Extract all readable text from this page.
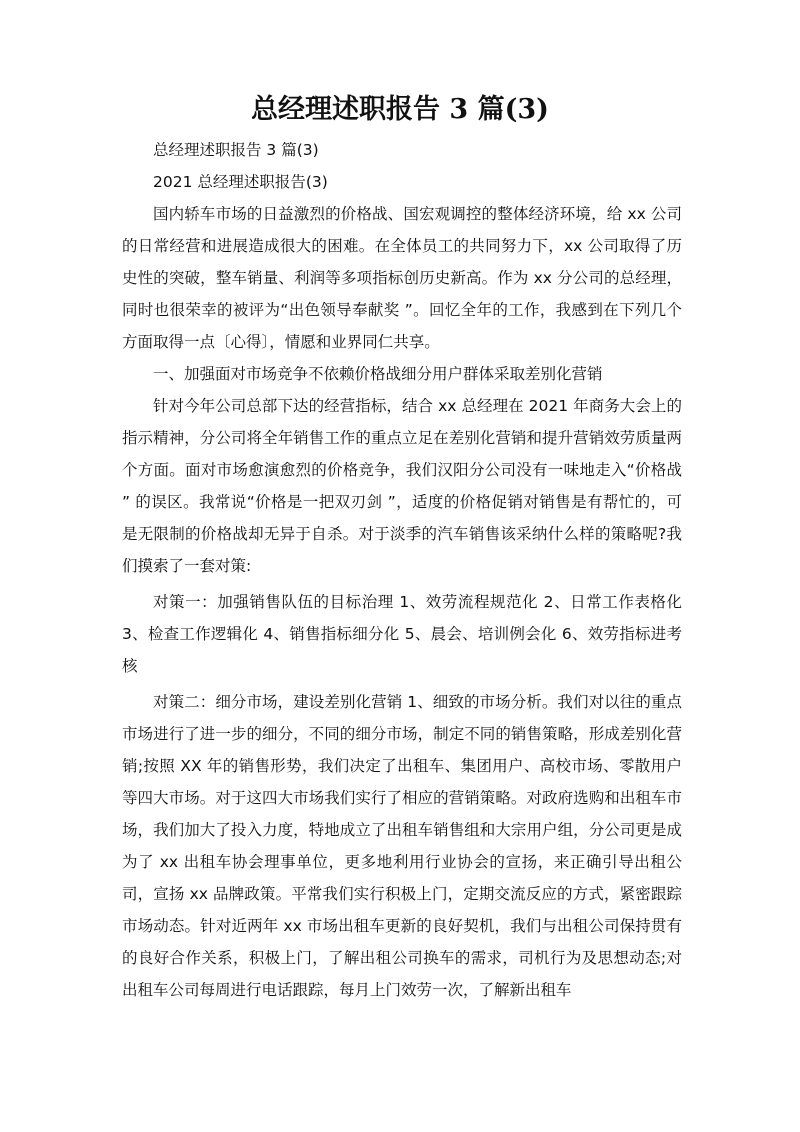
总经理述职报告 3 篇(3)

总经理述职报告 3 篇(3)

2021 总经理述职报告(3)

国内轿车市场的日益激烈的价格战、国宏观调控的整体经济环境，给 xx 公司的日常经营和进展造成很大的困难。在全体员工的共同努力下，xx 公司取得了历史性的突破，整车销量、利润等多项指标创历史新高。作为 xx 分公司的总经理，同时也很荣幸的被评为“出色领导奉献奖 ”。回忆全年的工作，我感到在下列几个方面取得一点〔心得〕，情愿和业界同仁共享。

一、加强面对市场竞争不依赖价格战细分用户群体采取差别化营销

针对今年公司总部下达的经营指标，结合 xx 总经理在 2021 年商务大会上的指示精神，分公司将全年销售工作的重点立足在差别化营销和提升营销效劳质量两个方面。面对市场愈演愈烈的价格竞争，我们汉阳分公司没有一味地走入“价格战 ” 的误区。我常说“价格是一把双刃剑 ”，适度的价格促销对销售是有帮忙的，可是无限制的价格战却无异于自杀。对于淡季的汽车销售该采纳什么样的策略呢?我们摸索了一套对策:

对策一：加强销售队伍的目标治理 1、效劳流程规范化 2、日常工作表格化 3、检查工作逻辑化 4、销售指标细分化 5、晨会、培训例会化 6、效劳指标进考核

对策二：细分市场，建设差别化营销 1、细致的市场分析。我们对以往的重点市场进行了进一步的细分，不同的细分市场，制定不同的销售策略，形成差别化营销;按照 XX 年的销售形势，我们决定了出租车、集团用户、高校市场、零散用户等四大市场。对于这四大市场我们实行了相应的营销策略。对政府选购和出租车市场，我们加大了投入力度，特地成立了出租车销售组和大宗用户组，分公司更是成为了 xx 出租车协会理事单位，更多地利用行业协会的宣扬，来正确引导出租公司，宣扬 xx 品牌政策。平常我们实行积极上门，定期交流反应的方式，紧密跟踪市场动态。针对近两年 xx 市场出租车更新的良好契机，我们与出租公司保持贯有的良好合作关系，积极上门，了解出租公司换车的需求，司机行为及思想动态;对出租车公司每周进行电话跟踪，每月上门效劳一次，了解新出租车
